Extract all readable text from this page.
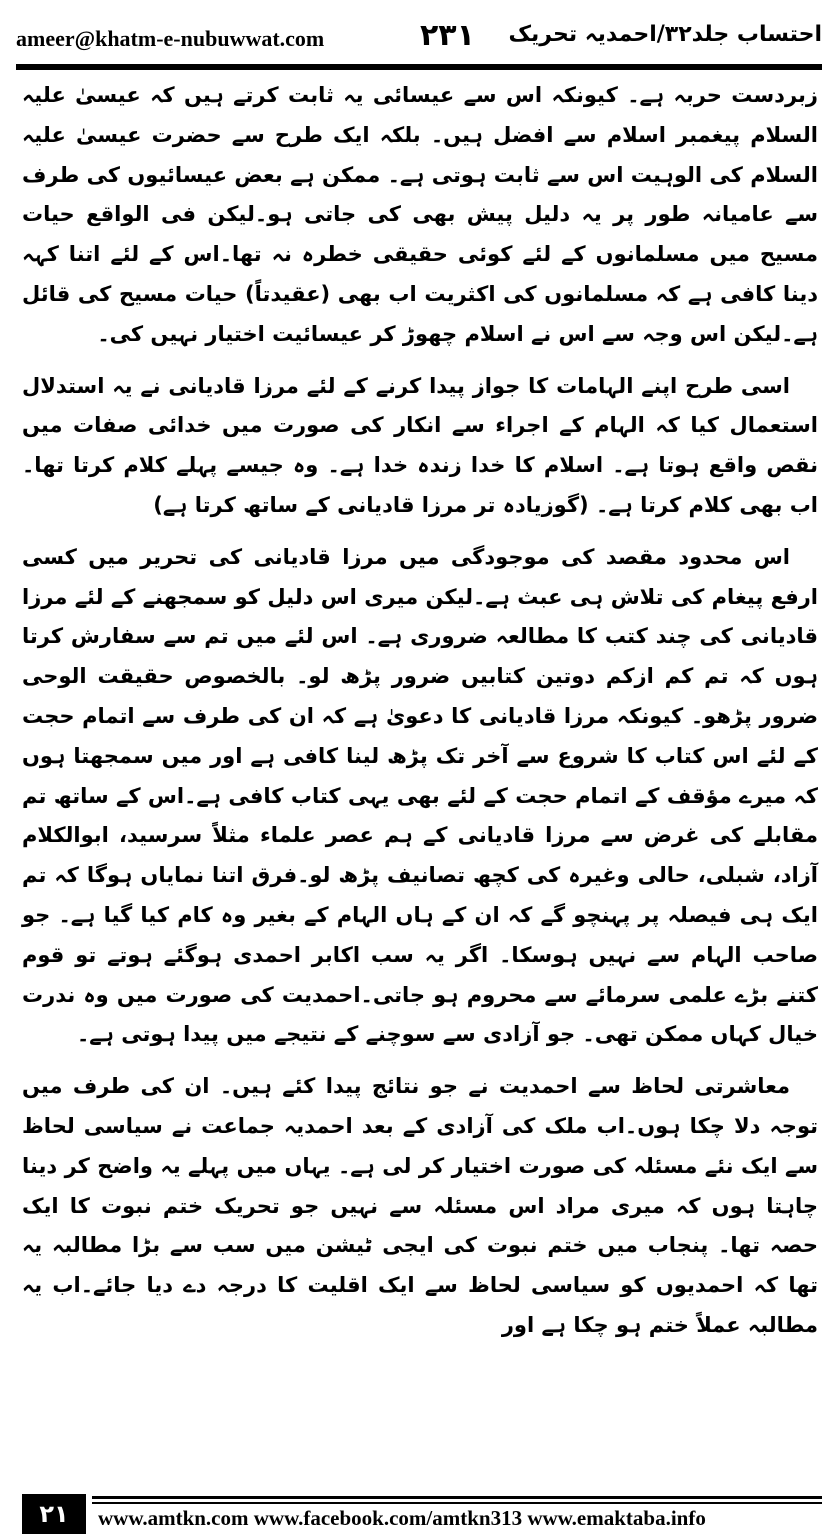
ameer@khatm-e-nubuwwat.com	۲۳۱ احتساب جلد۳۲/احمدیہ تحریک

زبردست حربہ ہے۔ کیونکہ اس سے عیسائی یہ ثابت کرتے ہیں کہ عیسیٰ علیہ السلام پیغمبر اسلام سے افضل ہیں۔ بلکہ ایک طرح سے حضرت عیسیٰ علیہ السلام کی الوہیت اس سے ثابت ہوتی ہے۔ ممکن ہے بعض عیسائیوں کی طرف سے عامیانہ طور پر یہ دلیل پیش بھی کی جاتی ہو۔لیکن فی الواقع حیات مسیح میں مسلمانوں کے لئے کوئی حقیقی خطرہ نہ تھا۔اس کے لئے اتنا کہہ دینا کافی ہے کہ مسلمانوں کی اکثریت اب بھی (عقیدتاً) حیات مسیح کی قائل ہے۔لیکن اس وجہ سے اس نے اسلام چھوڑ کر عیسائیت اختیار نہیں کی۔

اسی طرح اپنے الہامات کا جواز پیدا کرنے کے لئے مرزا قادیانی نے یہ استدلال استعمال کیا کہ الہام کے اجراء سے انکار کی صورت میں خدائی صفات میں نقص واقع ہوتا ہے۔ اسلام کا خدا زندہ خدا ہے۔ وہ جیسے پہلے کلام کرتا تھا۔ اب بھی کلام کرتا ہے۔ (گوزیادہ تر مرزا قادیانی کے ساتھ کرتا ہے)

اس محدود مقصد کی موجودگی میں مرزا قادیانی کی تحریر میں کسی ارفع پیغام کی تلاش ہی عبث ہے۔لیکن میری اس دلیل کو سمجھنے کے لئے مرزا قادیانی کی چند کتب کا مطالعہ ضروری ہے۔ اس لئے میں تم سے سفارش کرتا ہوں کہ تم کم ازکم دوتین کتابیں ضرور پڑھ لو۔ بالخصوص حقیقت الوحی ضرور پڑھو۔ کیونکہ مرزا قادیانی کا دعویٰ ہے کہ ان کی طرف سے اتمام حجت کے لئے اس کتاب کا شروع سے آخر تک پڑھ لینا کافی ہے اور میں سمجھتا ہوں کہ میرے مؤقف کے اتمام حجت کے لئے بھی یہی کتاب کافی ہے۔اس کے ساتھ تم مقابلے کی غرض سے مرزا قادیانی کے ہم عصر علماء مثلاً سرسید، ابوالکلام آزاد، شبلی، حالی وغیرہ کی کچھ تصانیف پڑھ لو۔فرق اتنا نمایاں ہوگا کہ تم ایک ہی فیصلہ پر پہنچو گے کہ ان کے ہاں الہام کے بغیر وہ کام کیا گیا ہے۔ جو صاحب الہام سے نہیں ہوسکا۔ اگر یہ سب اکابر احمدی ہوگئے ہوتے تو قوم کتنے بڑے علمی سرمائے سے محروم ہو جاتی۔احمدیت کی صورت میں وہ ندرت خیال کہاں ممکن تھی۔ جو آزادی سے سوچنے کے نتیجے میں پیدا ہوتی ہے۔

معاشرتی لحاظ سے احمدیت نے جو نتائج پیدا کئے ہیں۔ ان کی طرف میں توجہ دلا چکا ہوں۔اب ملک کی آزادی کے بعد احمدیہ جماعت نے سیاسی لحاظ سے ایک نئے مسئلہ کی صورت اختیار کر لی ہے۔ یہاں میں پہلے یہ واضح کر دینا چاہتا ہوں کہ میری مراد اس مسئلہ سے نہیں جو تحریک ختم نبوت کا ایک حصہ تھا۔ پنجاب میں ختم نبوت کی ایجی ٹیشن میں سب سے بڑا مطالبہ یہ تھا کہ احمدیوں کو سیاسی لحاظ سے ایک اقلیت کا درجہ دے دیا جائے۔اب یہ مطالبہ عملاً ختم ہو چکا ہے اور

۲۱	www.amtkn.com www.facebook.com/amtkn313 www.emaktaba.info
